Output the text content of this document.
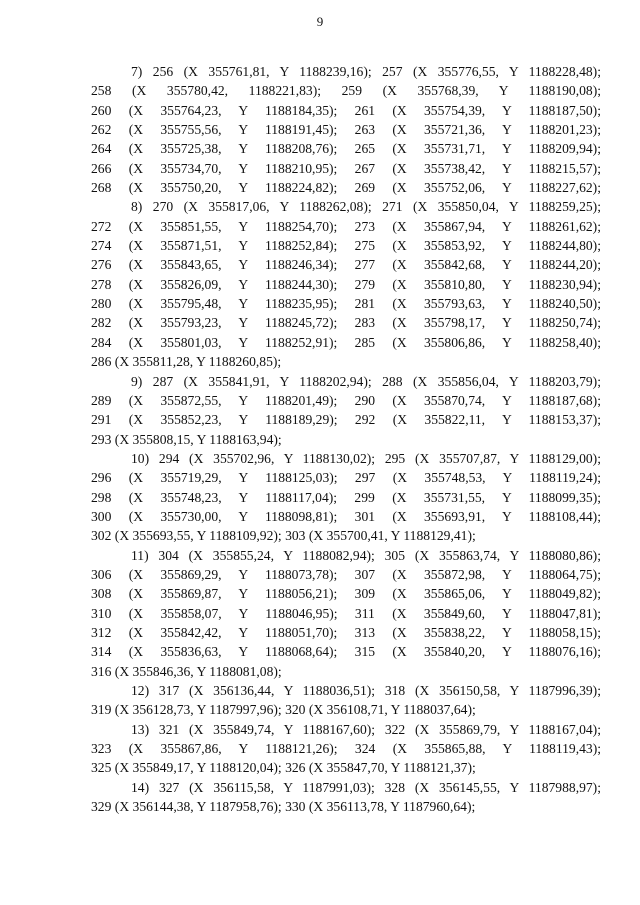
9
7) 256 (X 355761,81, Y 1188239,16); 257 (X 355776,55, Y 1188228,48);
258 (X 355780,42, 1188221,83); 259 (X 355768,39, Y 1188190,08);
260 (X 355764,23, Y 1188184,35); 261 (X 355754,39, Y 1188187,50);
262 (X 355755,56, Y 1188191,45); 263 (X 355721,36, Y 1188201,23);
264 (X 355725,38, Y 1188208,76); 265 (X 355731,71, Y 1188209,94);
266 (X 355734,70, Y 1188210,95); 267 (X 355738,42, Y 1188215,57);
268 (X 355750,20, Y 1188224,82); 269 (X 355752,06, Y 1188227,62);
8) 270 (X 355817,06, Y 1188262,08); 271 (X 355850,04, Y 1188259,25);
272 (X 355851,55, Y 1188254,70); 273 (X 355867,94, Y 1188261,62);
274 (X 355871,51, Y 1188252,84); 275 (X 355853,92, Y 1188244,80);
276 (X 355843,65, Y 1188246,34); 277 (X 355842,68, Y 1188244,20);
278 (X 355826,09, Y 1188244,30); 279 (X 355810,80, Y 1188230,94);
280 (X 355795,48, Y 1188235,95); 281 (X 355793,63, Y 1188240,50);
282 (X 355793,23, Y 1188245,72); 283 (X 355798,17, Y 1188250,74);
284 (X 355801,03, Y 1188252,91); 285 (X 355806,86, Y 1188258,40);
286 (X 355811,28, Y 1188260,85);
9) 287 (X 355841,91, Y 1188202,94); 288 (X 355856,04, Y 1188203,79);
289 (X 355872,55, Y 1188201,49); 290 (X 355870,74, Y 1188187,68);
291 (X 355852,23, Y 1188189,29); 292 (X 355822,11, Y 1188153,37);
293 (X 355808,15, Y 1188163,94);
10) 294 (X 355702,96, Y 1188130,02); 295 (X 355707,87, Y 1188129,00);
296 (X 355719,29, Y 1188125,03); 297 (X 355748,53, Y 1188119,24);
298 (X 355748,23, Y 1188117,04); 299 (X 355731,55, Y 1188099,35);
300 (X 355730,00, Y 1188098,81); 301 (X 355693,91, Y 1188108,44);
302 (X 355693,55, Y 1188109,92); 303 (X 355700,41, Y 1188129,41);
11) 304 (X 355855,24, Y 1188082,94); 305 (X 355863,74, Y 1188080,86);
306 (X 355869,29, Y 1188073,78); 307 (X 355872,98, Y 1188064,75);
308 (X 355869,87, Y 1188056,21); 309 (X 355865,06, Y 1188049,82);
310 (X 355858,07, Y 1188046,95); 311 (X 355849,60, Y 1188047,81);
312 (X 355842,42, Y 1188051,70); 313 (X 355838,22, Y 1188058,15);
314 (X 355836,63, Y 1188068,64); 315 (X 355840,20, Y 1188076,16);
316 (X 355846,36, Y 1188081,08);
12) 317 (X 356136,44, Y 1188036,51); 318 (X 356150,58, Y 1187996,39);
319 (X 356128,73, Y 1187997,96); 320 (X 356108,71, Y 1188037,64);
13) 321 (X 355849,74, Y 1188167,60); 322 (X 355869,79, Y 1188167,04);
323 (X 355867,86, Y 1188121,26); 324 (X 355865,88, Y 1188119,43);
325 (X 355849,17, Y 1188120,04); 326 (X 355847,70, Y 1188121,37);
14) 327 (X 356115,58, Y 1187991,03); 328 (X 356145,55, Y 1187988,97);
329 (X 356144,38, Y 1187958,76); 330 (X 356113,78, Y 1187960,64);
